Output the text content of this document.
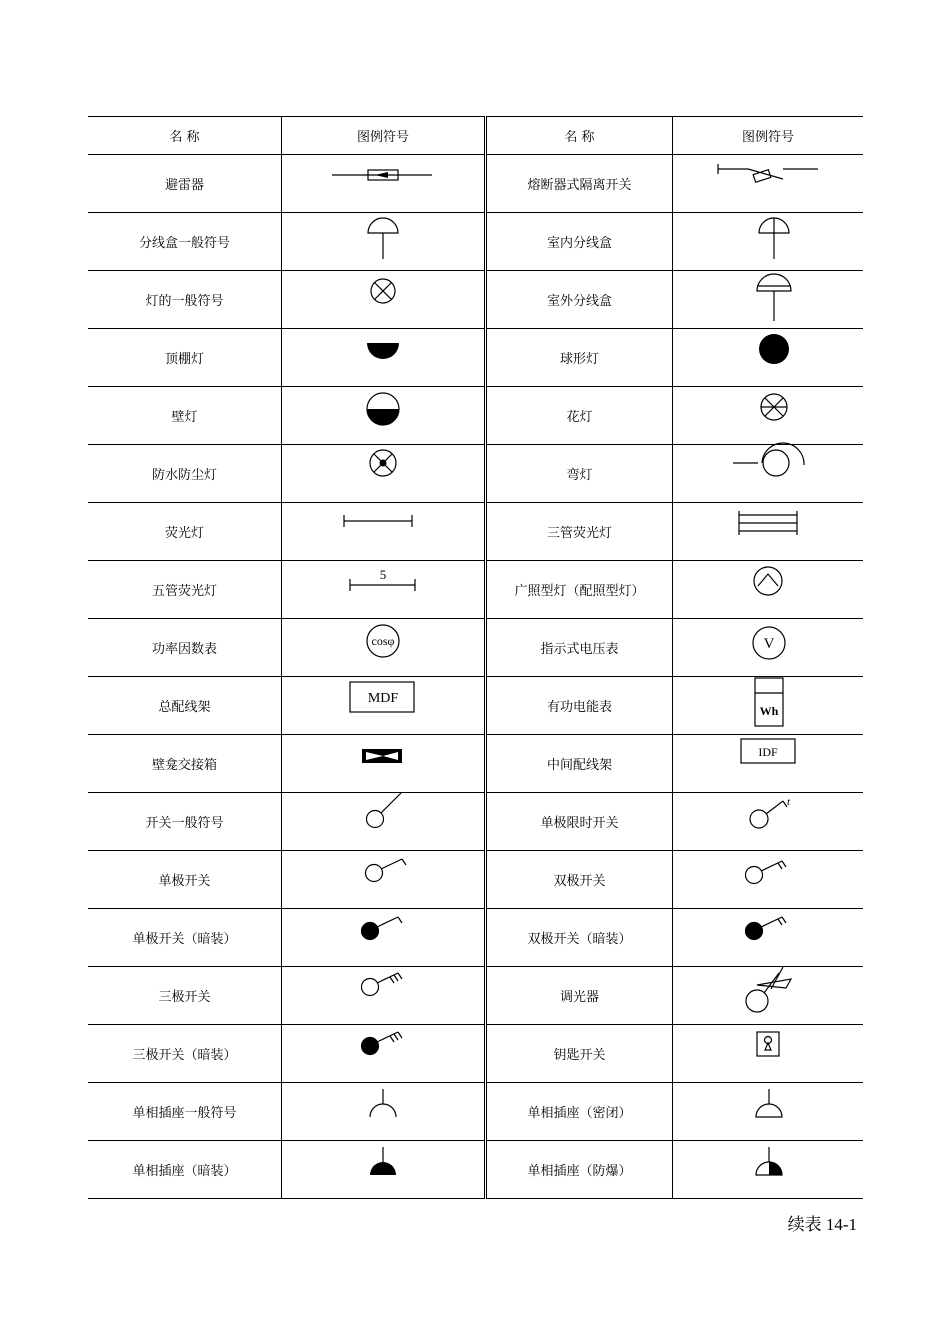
名 称	图例符号	名 称	图例符号
避雷器		熔断器式隔离开关	

分线盒一般符号		室内分线盒	

灯的一般符号		室外分线盒	

顶棚灯		球形灯	

壁灯		花灯	

防水防尘灯		弯灯	

荧光灯		三管荧光灯	

五管荧光灯	5	广照型灯（配照型灯）	

功率因数表	cosφ	指示式电压表	V

总配线架	MDF	有功电能表	Wh

壁龛交接箱		中间配线架	IDF

开关一般符号		单极限时开关	t

单极开关		双极开关	

单极开关（暗装）		双极开关（暗装）	

三极开关		调光器	

三极开关（暗装）		钥匙开关	

单相插座一般符号		单相插座（密闭）	

单相插座（暗装）		单相插座（防爆）	
续表 14-1
